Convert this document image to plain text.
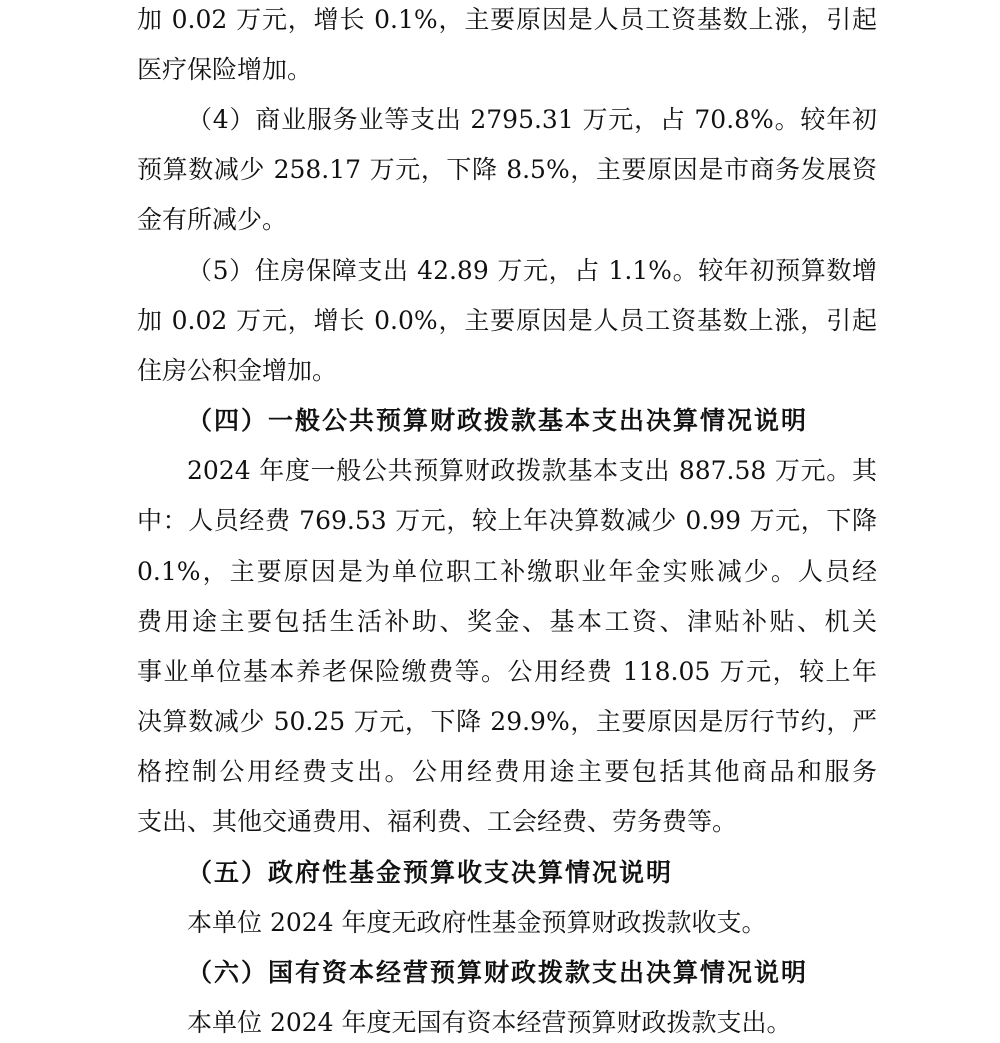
加 0.02 万元，增长 0.1%，主要原因是人员工资基数上涨，引起
医疗保险增加。
（4）商业服务业等支出 2795.31 万元，占 70.8%。较年初
预算数减少 258.17 万元，下降 8.5%，主要原因是市商务发展资
金有所减少。
（5）住房保障支出 42.89 万元，占 1.1%。较年初预算数增
加 0.02 万元，增长 0.0%，主要原因是人员工资基数上涨，引起
住房公积金增加。
（四）一般公共预算财政拨款基本支出决算情况说明
2024 年度一般公共预算财政拨款基本支出 887.58 万元。其
中：人员经费 769.53 万元，较上年决算数减少 0.99 万元，下降
0.1%，主要原因是为单位职工补缴职业年金实账减少。人员经
费用途主要包括生活补助、奖金、基本工资、津贴补贴、机关
事业单位基本养老保险缴费等。公用经费 118.05 万元，较上年
决算数减少 50.25 万元，下降 29.9%，主要原因是厉行节约，严
格控制公用经费支出。公用经费用途主要包括其他商品和服务
支出、其他交通费用、福利费、工会经费、劳务费等。
（五）政府性基金预算收支决算情况说明
本单位 2024 年度无政府性基金预算财政拨款收支。
（六）国有资本经营预算财政拨款支出决算情况说明
本单位 2024 年度无国有资本经营预算财政拨款支出。
